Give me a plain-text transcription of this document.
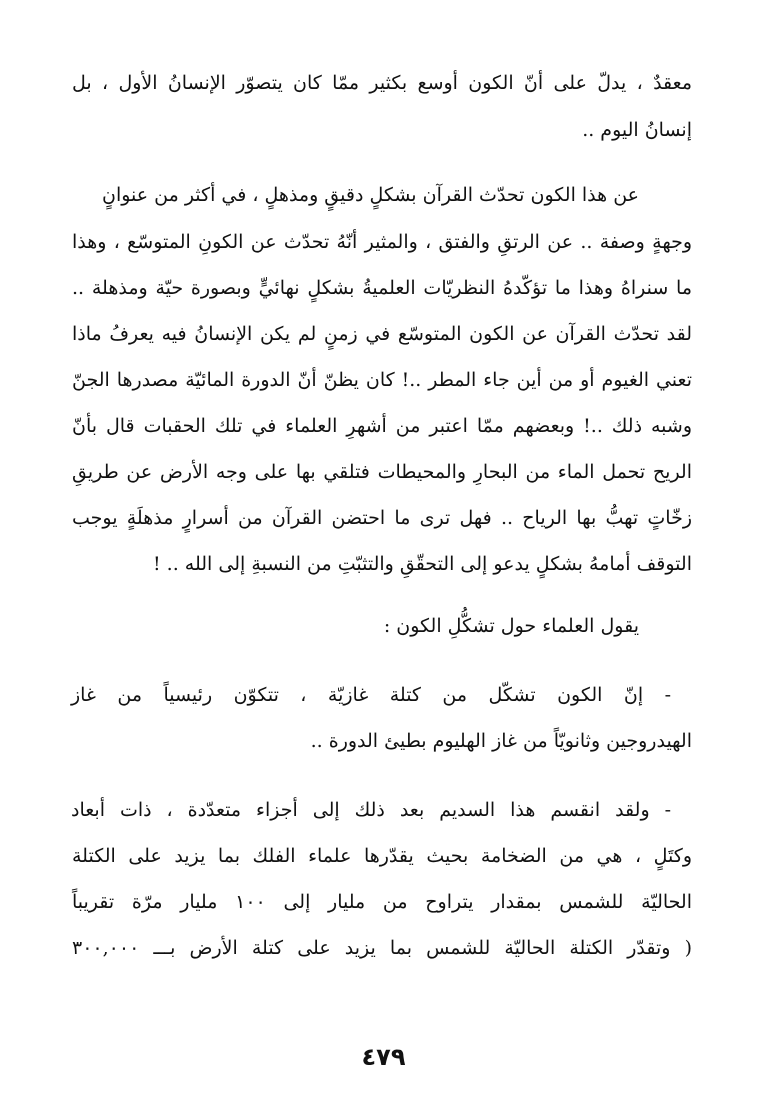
معقدٌ ، يدلّ على أنّ الكون أوسع بكثير ممّا كان يتصوّر الإنسانُ الأول ، بل
إنسانُ اليوم ..
عن هذا الكون تحدّث القرآن بشكلٍ دقيقٍ ومذهلٍ ، في أكثر من عنوانٍ
وجهةٍ وصفة .. عن الرتقِ والفتق ، والمثير أنّهُ تحدّث عن الكونِ المتوسّع ، وهذا
ما سنراهُ وهذا ما تؤكّدهُ النظريّات العلميةُ بشكلٍ نهائيٍّ وبصورة حيّة ومذهلة ..
لقد تحدّث القرآن عن الكون المتوسّع في زمنٍ لم يكن الإنسانُ فيه يعرفُ ماذا
تعني الغيوم أو من أين جاء المطر ..! كان يظنّ أنّ الدورة المائيّة مصدرها الجنّ
وشبه ذلك ..! وبعضهم ممّا اعتبر من أشهرِ العلماء في تلك الحقبات قال بأنّ
الريح تحمل الماء من البحارِ والمحيطات فتلقي بها على وجه الأرض عن طريقِ
زخّاتٍ تهبُّ بها الرياح .. فهل ترى ما احتضن القرآن من أسرارٍ مذهلَةٍ يوجب
التوقف أمامهُ بشكلٍ يدعو إلى التحقّقِ والتثبّتِ من النسبةِ إلى الله .. !
يقول العلماء حول تشكُّلِ الكون :
- إنّ الكون تشكّل من كتلة غازيّة ، تتكوّن رئيسياً من غاز
الهيدروجين وثانويّاً من غاز الهليوم بطيئ الدورة ..
- ولقد انقسم هذا السديم بعد ذلك إلى أجزاء متعدّدة ، ذات أبعاد
وكتَلٍ ، هي من الضخامة بحيث يقدّرها علماء الفلك بما يزيد على الكتلة
الحاليّة للشمس بمقدار يتراوح من مليار إلى ١٠٠ مليار مرّة تقريباً
( وتقدّر الكتلة الحاليّة للشمس بما يزيد على كتلة الأرض بـــ ٣٠٠,٠٠٠
٤٧٩
